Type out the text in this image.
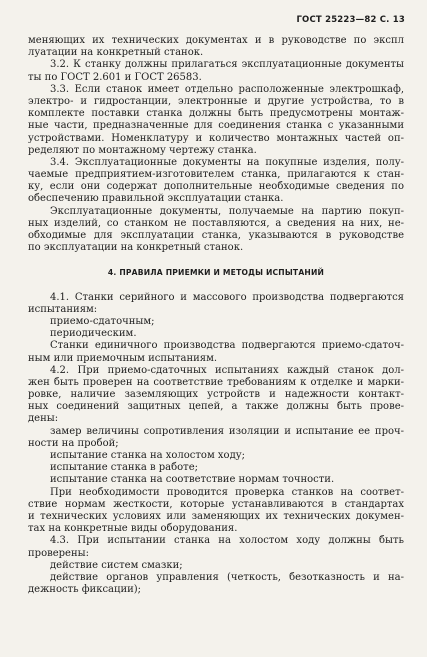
ГОСТ 25223—82 С. 13
меняющих их технических документах и в руководстве по экспл
луатации на конкретный станок.
3.2. К станку должны прилагаться эксплуатационные документы
ты по ГОСТ 2.601 и ГОСТ 26583.
3.3. Если станок имеет отдельно расположенные электрошкаф,
электро- и гидростанции, электронные и другие устройства, то в
комплекте поставки станка должны быть предусмотрены монтаж-
ные части, предназначенные для соединения станка с указанными
устройствами. Номенклатуру и количество монтажных частей оп-
ределяют по монтажному чертежу станка.
3.4. Эксплуатационные документы на покупные изделия, полу-
чаемые предприятием-изготовителем станка, прилагаются к стан-
ку, если они содержат дополнительные необходимые сведения по
обеспечению правильной эксплуатации станка.
Эксплуатационные документы, получаемые на партию покуп-
ных изделий, со станком не поставляются, а сведения на них, не-
обходимые для эксплуатации станка, указываются в руководстве
по эксплуатации на конкретный станок.
4. ПРАВИЛА ПРИЕМКИ И МЕТОДЫ ИСПЫТАНИЙ
4.1. Станки серийного и массового производства подвергаются
испытаниям:
приемо-сдаточным;
периодическим.
Станки единичного производства подвергаются приемо-сдаточ-
ным или приемочным испытаниям.
4.2. При приемо-сдаточных испытаниях каждый станок дол-
жен быть проверен на соответствие требованиям к отделке и марки-
ровке, наличие заземляющих устройств и надежности контакт-
ных соединений защитных цепей, а также должны быть прове-
дены:
замер величины сопротивления изоляции и испытание ее проч-
ности на пробой;
испытание станка на холостом ходу;
испытание станка в работе;
испытание станка на соответствие нормам точности.
При необходимости проводится проверка станков на соответ-
ствие нормам жесткости, которые устанавливаются в стандартах
и технических условиях или заменяющих их технических докумен-
тах на конкретные виды оборудования.
4.3. При испытании станка на холостом ходу должны быть
проверены:
действие систем смазки;
действие органов управления (четкость, безотказность и на-
дежность фиксации);
